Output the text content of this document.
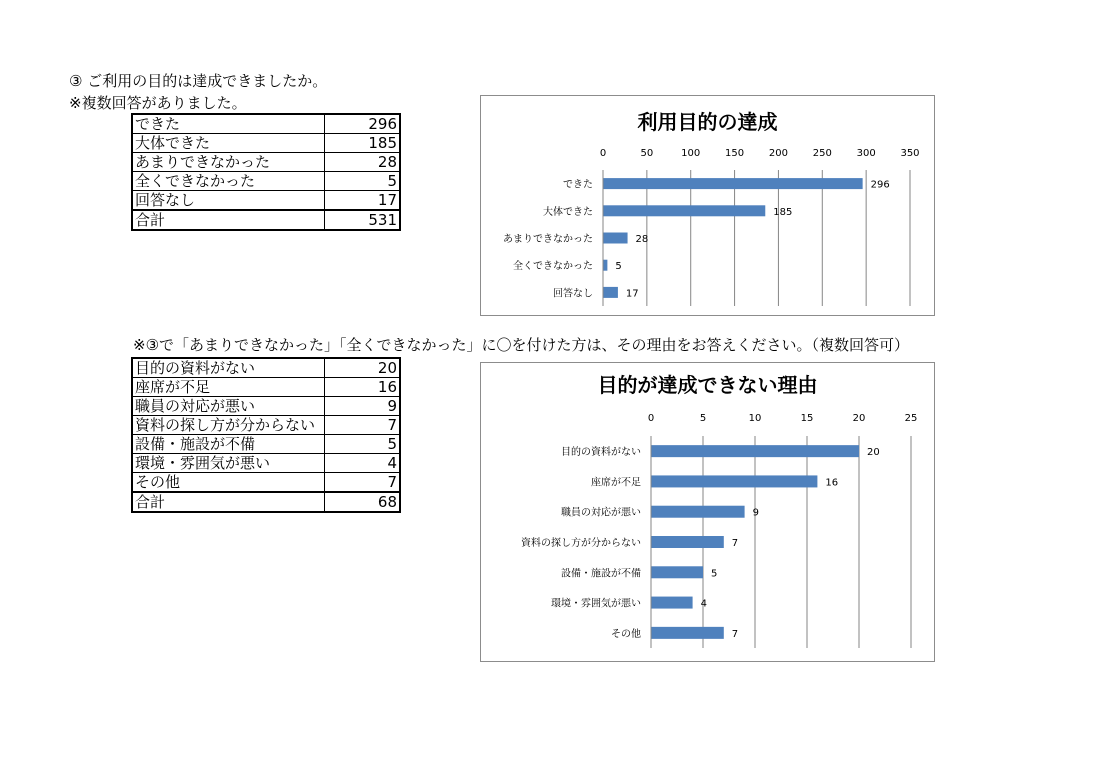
③ ご利用の目的は達成できましたか。
※複数回答がありました。
できた	296
大体できた	185
あまりできなかった	28
全くできなかった	5
回答なし	17
合計	531
利用目的の達成
0	50	100 150 200 250 300 350
できた	296
大体できた	185
あまりできなかった	28
全くできなかった 5
回答なし	17
※③で「あまりできなかった」「全くできなかった」に〇を付けた方は、その理由をお答えください。（複数回答可）
目的の資料がない	20
座席が不足	16
職員の対応が悪い	9
資料の探し方が分からない	7
設備・施設が不備	5
環境・雰囲気が悪い	4
その他	7
合計	68
目的が達成できない理由
0	5	10	15	20	25
目的の資料がない	20
座席が不足	16
職員の対応が悪い	9
資料の探し方が分からない	7
設備・施設が不備	5
環境・雰囲気が悪い	4
その他	7
